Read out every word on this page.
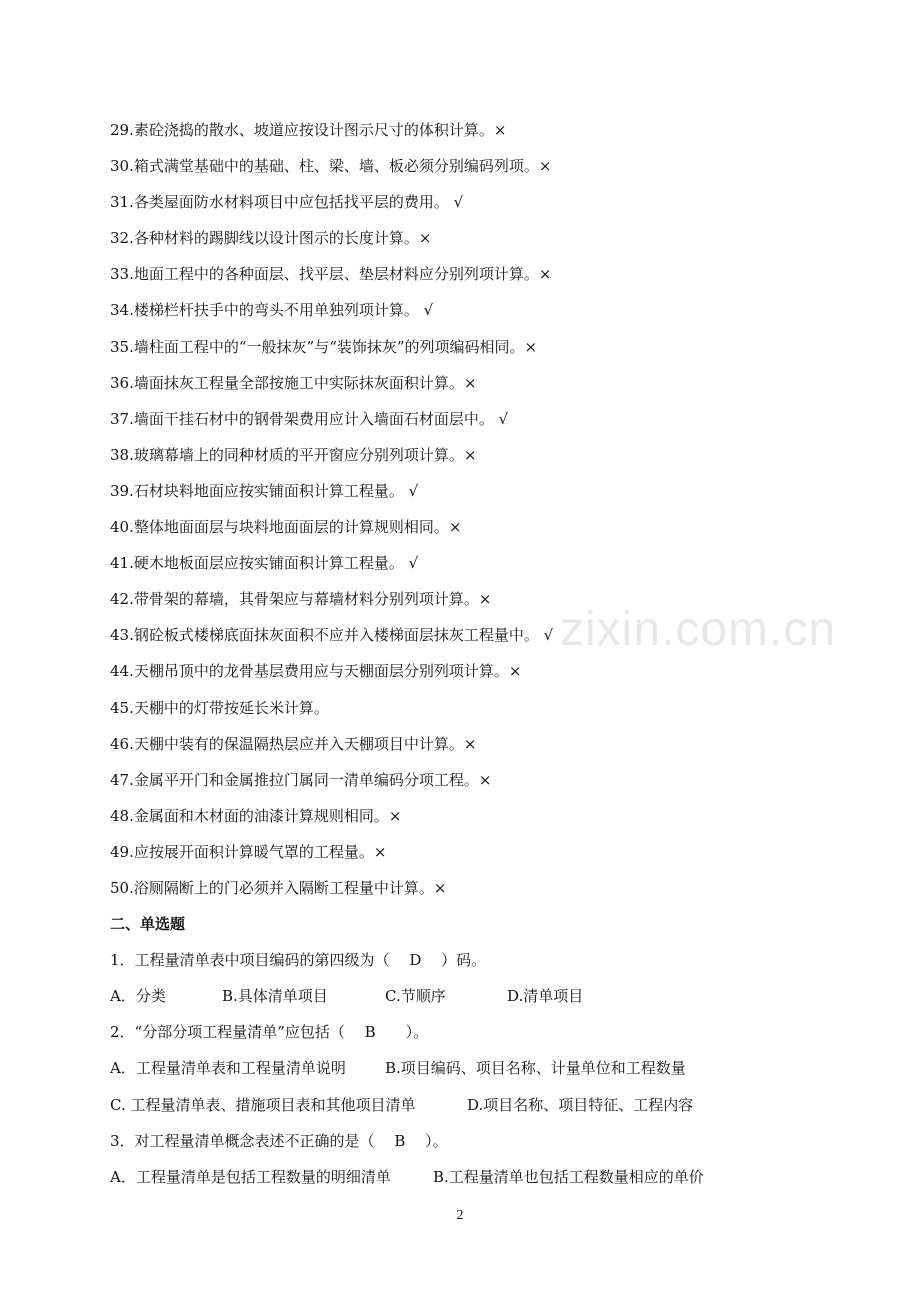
29.素砼浇捣的散水、坡道应按设计图示尺寸的体积计算。×
30.箱式满堂基础中的基础、柱、梁、墙、板必须分别编码列项。×
31.各类屋面防水材料项目中应包括找平层的费用。 √
32.各种材料的踢脚线以设计图示的长度计算。×
33.地面工程中的各种面层、找平层、垫层材料应分别列项计算。×
34.楼梯栏杆扶手中的弯头不用单独列项计算。 √
35.墙柱面工程中的“一般抹灰”与“装饰抹灰”的列项编码相同。×
36.墙面抹灰工程量全部按施工中实际抹灰面积计算。×
37.墙面干挂石材中的钢骨架费用应计入墙面石材面层中。 √
38.玻璃幕墙上的同种材质的平开窗应分别列项计算。×
39.石材块料地面应按实铺面积计算工程量。 √
40.整体地面面层与块料地面面层的计算规则相同。×
41.硬木地板面层应按实铺面积计算工程量。 √
42.带骨架的幕墙，其骨架应与幕墙材料分别列项计算。×
43.钢砼板式楼梯底面抹灰面积不应并入楼梯面层抹灰工程量中。 √
44.天棚吊顶中的龙骨基层费用应与天棚面层分别列项计算。×
45.天棚中的灯带按延长米计算。
46.天棚中装有的保温隔热层应并入天棚项目中计算。×
47.金属平开门和金属推拉门属同一清单编码分项工程。×
48.金属面和木材面的油漆计算规则相同。×
49.应按展开面积计算暖气罩的工程量。×
50.浴厕隔断上的门必须并入隔断工程量中计算。×
二、单选题
1．工程量清单表中项目编码的第四级为（　 D　 ）码。
A．分类	B.具体清单项目	C.节顺序	D.清单项目
2．“分部分项工程量清单”应包括（　 B　　）。
A．工程量清单表和工程量清单说明	B.项目编码、项目名称、计量单位和工程数量
C. 工程量清单表、措施项目表和其他项目清单	D.项目名称、项目特征、工程内容
3．对工程量清单概念表述不正确的是（　 B　 ）。
A．工程量清单是包括工程数量的明细清单	B.工程量清单也包括工程数量相应的单价
zixin.com.cn
2
